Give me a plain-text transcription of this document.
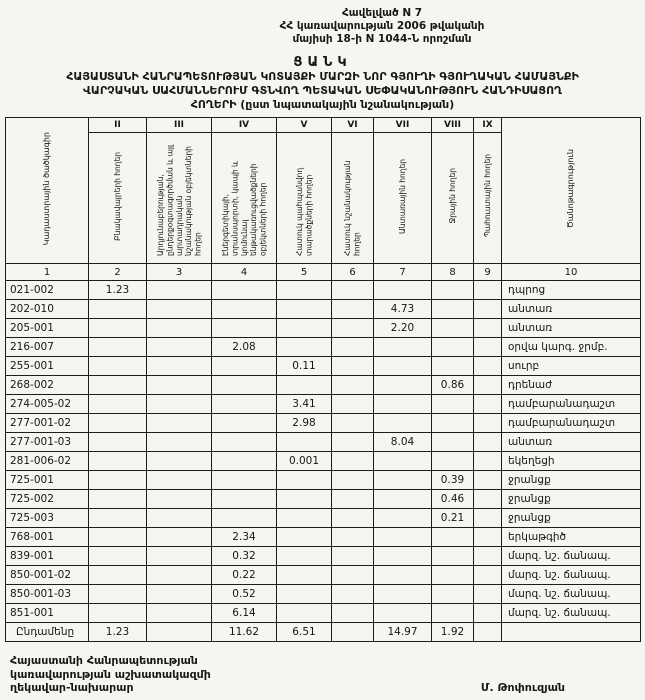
Հավելված N 7
ՀՀ կառավարության 2006 թվականի
մայիսի 18-ի N 1044-Ն որոշման
ՑԱՆԿ
ՀԱՅԱՍՏԱՆԻ ՀԱՆՐԱՊԵՏՈՒԹՅԱՆ ԿՈՏԱՅՔԻ ՄԱՐԶԻ ՆՈՐ ԳՅՈՒՂԻ ԳՅՈՒՂԱԿԱՆ ՀԱՄԱՅՆՔԻ
ՎԱՐՉԱԿԱՆ ՍԱՀՄԱՆՆԵՐՈՒՄ ԳՏՆՎՈՂ ՊԵՏԱԿԱՆ ՍԵՓԱԿԱՆՈՒԹՅՈՒՆ ՀԱՆԴԻՍԱՑՈՂ
ՀՈՂԵՐԻ (ըստ նպատակային նշանակության)
Կադաստրային ծածկագիր	II	III	IV	V	VI	VII	VIII	IX	Ծանոթագրություն
	Բնակավայրերի հողեր	Արդյունաբերության, ընդերքօգտագործման և այլ արտադրական նշանակության օբյեկտների հողեր	Էներգետիկայի, տրանսպորտի, կապի և կոմունալ ենթակառուցվածքների օբյեկտների հողեր	Հատուկ պահպանվող տարածքների հողեր	Հատուկ նշանակության հողեր	Անտառային հողեր	Ջրային հողեր	Պահուստային հողեր	
1	2	3	4	5	6	7	8	9	10
021-002	1.23								դպրոց
202-010						4.73			անտառ
205-001						2.20			անտառ
216-007			2.08						օրվա կարգ. ջրմբ.
255-001				0.11					սուրբ
268-002							0.86		դրենաժ
274-005-02				3.41					դամբարանադաշտ
277-001-02				2.98					դամբարանադաշտ
277-001-03						8.04			անտառ
281-006-02				0.001					եկեղեցի
725-001							0.39		ջրանցք
725-002							0.46		ջրանցք
725-003							0.21		ջրանցք
768-001			2.34						երկաթգիծ
839-001			0.32						մարզ. նշ. ճանապ.
850-001-02			0.22						մարզ. նշ. ճանապ.
850-001-03			0.52						մարզ. նշ. ճանապ.
851-001			6.14						մարզ. նշ. ճանապ.
Ընդամենը	1.23		11.62	6.51		14.97	1.92		
Հայաստանի Հանրապետության
կառավարության աշխատակազմի
ղեկավար-նախարար	Մ. Թոփուզյան
